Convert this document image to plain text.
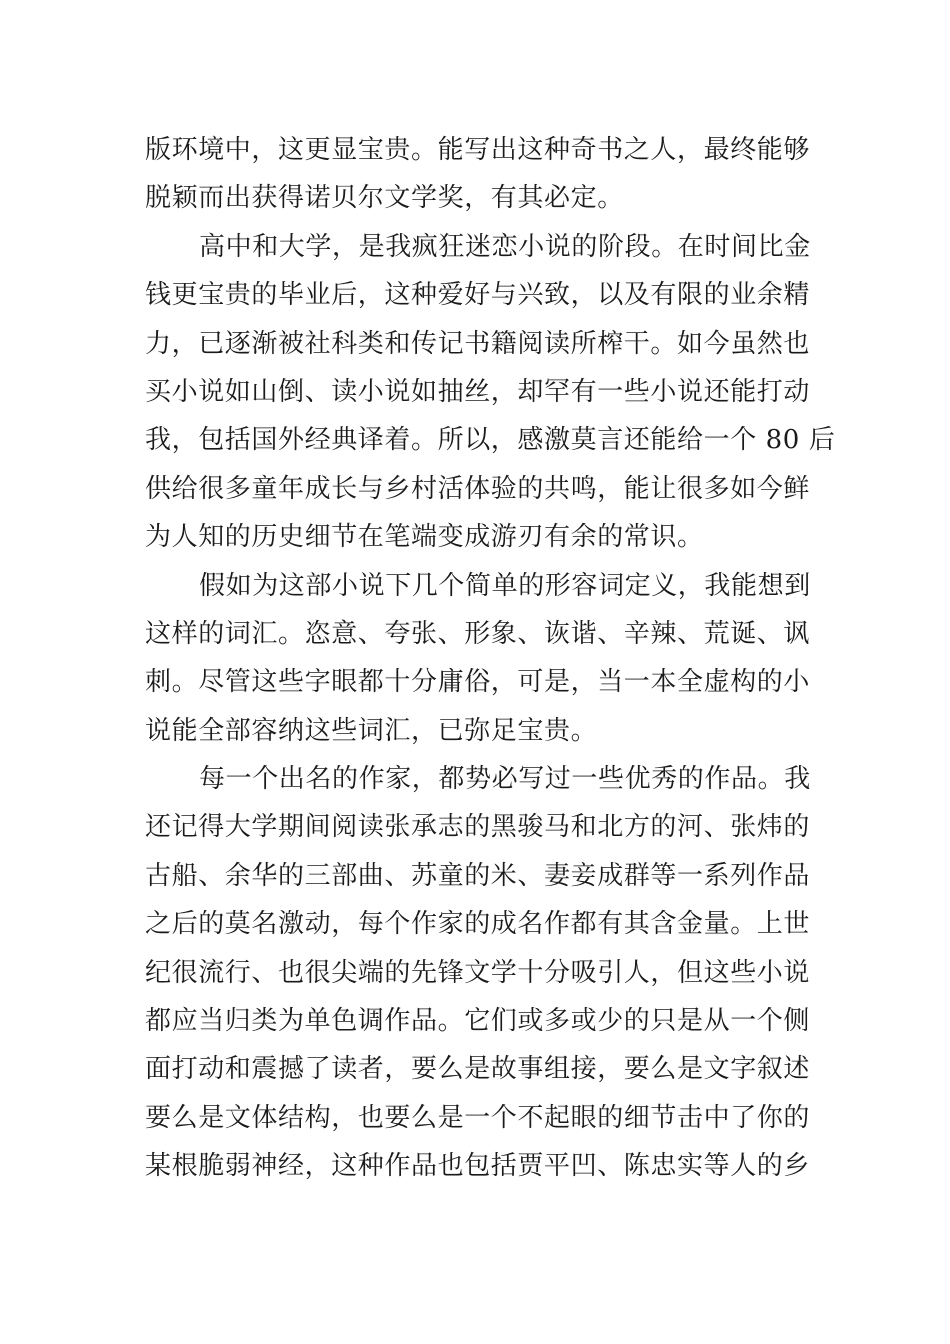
版环境中，这更显宝贵。能写出这种奇书之人，最终能够
脱颖而出获得诺贝尔文学奖，有其必定。
高中和大学，是我疯狂迷恋小说的阶段。在时间比金
钱更宝贵的毕业后，这种爱好与兴致，以及有限的业余精
力，已逐渐被社科类和传记书籍阅读所榨干。如今虽然也
买小说如山倒、读小说如抽丝，却罕有一些小说还能打动
我，包括国外经典译着。所以，感激莫言还能给一个 80 后
供给很多童年成长与乡村活体验的共鸣，能让很多如今鲜
为人知的历史细节在笔端变成游刃有余的常识。
假如为这部小说下几个简单的形容词定义，我能想到
这样的词汇。恣意、夸张、形象、诙谐、辛辣、荒诞、讽
刺。尽管这些字眼都十分庸俗，可是，当一本全虚构的小
说能全部容纳这些词汇，已弥足宝贵。
每一个出名的作家，都势必写过一些优秀的作品。我
还记得大学期间阅读张承志的黑骏马和北方的河、张炜的
古船、余华的三部曲、苏童的米、妻妾成群等一系列作品
之后的莫名激动，每个作家的成名作都有其含金量。上世
纪很流行、也很尖端的先锋文学十分吸引人，但这些小说
都应当归类为单色调作品。它们或多或少的只是从一个侧
面打动和震撼了读者，要么是故事组接，要么是文字叙述
要么是文体结构，也要么是一个不起眼的细节击中了你的
某根脆弱神经，这种作品也包括贾平凹、陈忠实等人的乡
